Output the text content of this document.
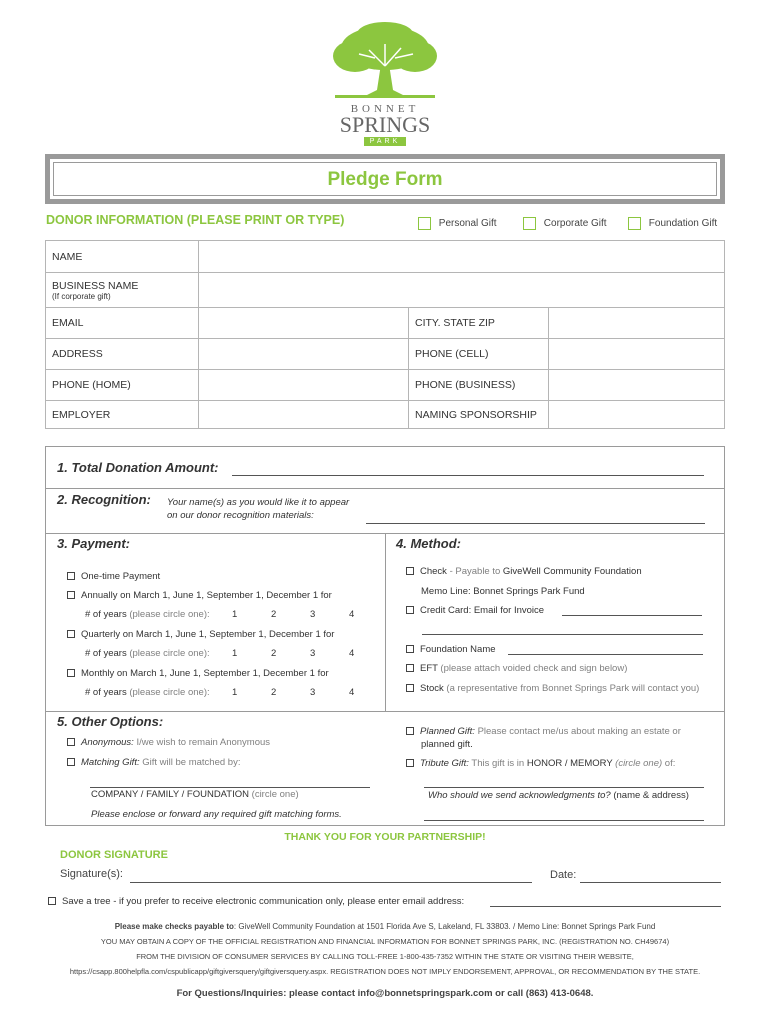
BONNET
SPRINGS
PARK
Pledge Form
DONOR INFORMATION (PLEASE PRINT OR TYPE)	Personal Gift	Corporate Gift	Foundation Gift
NAME			

BUSINESS NAME
(If corporate gift)			

EMAIL		CITY. STATE ZIP	
ADDRESS		PHONE (CELL)	
PHONE (HOME)		PHONE (BUSINESS)	
EMPLOYER		NAMING SPONSORSHIP	
1. Total Donation Amount:
2. Recognition: Your name(s) as you would like it to appear
on our donor recognition materials:
3. Payment:
One-time Payment
Annually on March 1, June 1, September 1, December 1 for
# of years (please circle one): 1	2	3	4
Quarterly on March 1, June 1, September 1, December 1 for
# of years (please circle one): 1	2	3	4
Monthly on March 1, June 1, September 1, December 1 for
# of years (please circle one): 1	2	3	4
4. Method:
Check - Payable to GiveWell Community Foundation
Memo Line: Bonnet Springs Park Fund
Credit Card: Email for Invoice
Foundation Name
EFT (please attach voided check and sign below)
Stock (a representative from Bonnet Springs Park will contact you)
5. Other Options:
Anonymous: I/we wish to remain Anonymous
Matching Gift: Gift will be matched by:
COMPANY / FAMILY / FOUNDATION (circle one)
Please enclose or forward any required gift matching forms.
Planned Gift: Please contact me/us about making an estate or
planned gift.
Tribute Gift: This gift is in HONOR / MEMORY (circle one) of:
Who should we send acknowledgments to? (name & address)
THANK YOU FOR YOUR PARTNERSHIP!
DONOR SIGNATURE
Signature(s):	Date:
Save a tree - if you prefer to receive electronic communication only, please enter email address:
Please make checks payable to: GiveWell Community Foundation at 1501 Florida Ave S, Lakeland, FL 33803. / Memo Line: Bonnet Springs Park Fund
YOU MAY OBTAIN A COPY OF THE OFFICIAL REGISTRATION AND FINANCIAL INFORMATION FOR BONNET SPRINGS PARK, INC. (REGISTRATION NO. CH49674)
FROM THE DIVISION OF CONSUMER SERVICES BY CALLING TOLL-FREE 1-800-435-7352 WITHIN THE STATE OR VISITING THEIR WEBSITE,
https://csapp.800helpfla.com/cspublicapp/giftgiversquery/giftgiversquery.aspx. REGISTRATION DOES NOT IMPLY ENDORSEMENT, APPROVAL, OR RECOMMENDATION BY THE STATE.
For Questions/Inquiries: please contact info@bonnetspringspark.com or call (863) 413-0648.
